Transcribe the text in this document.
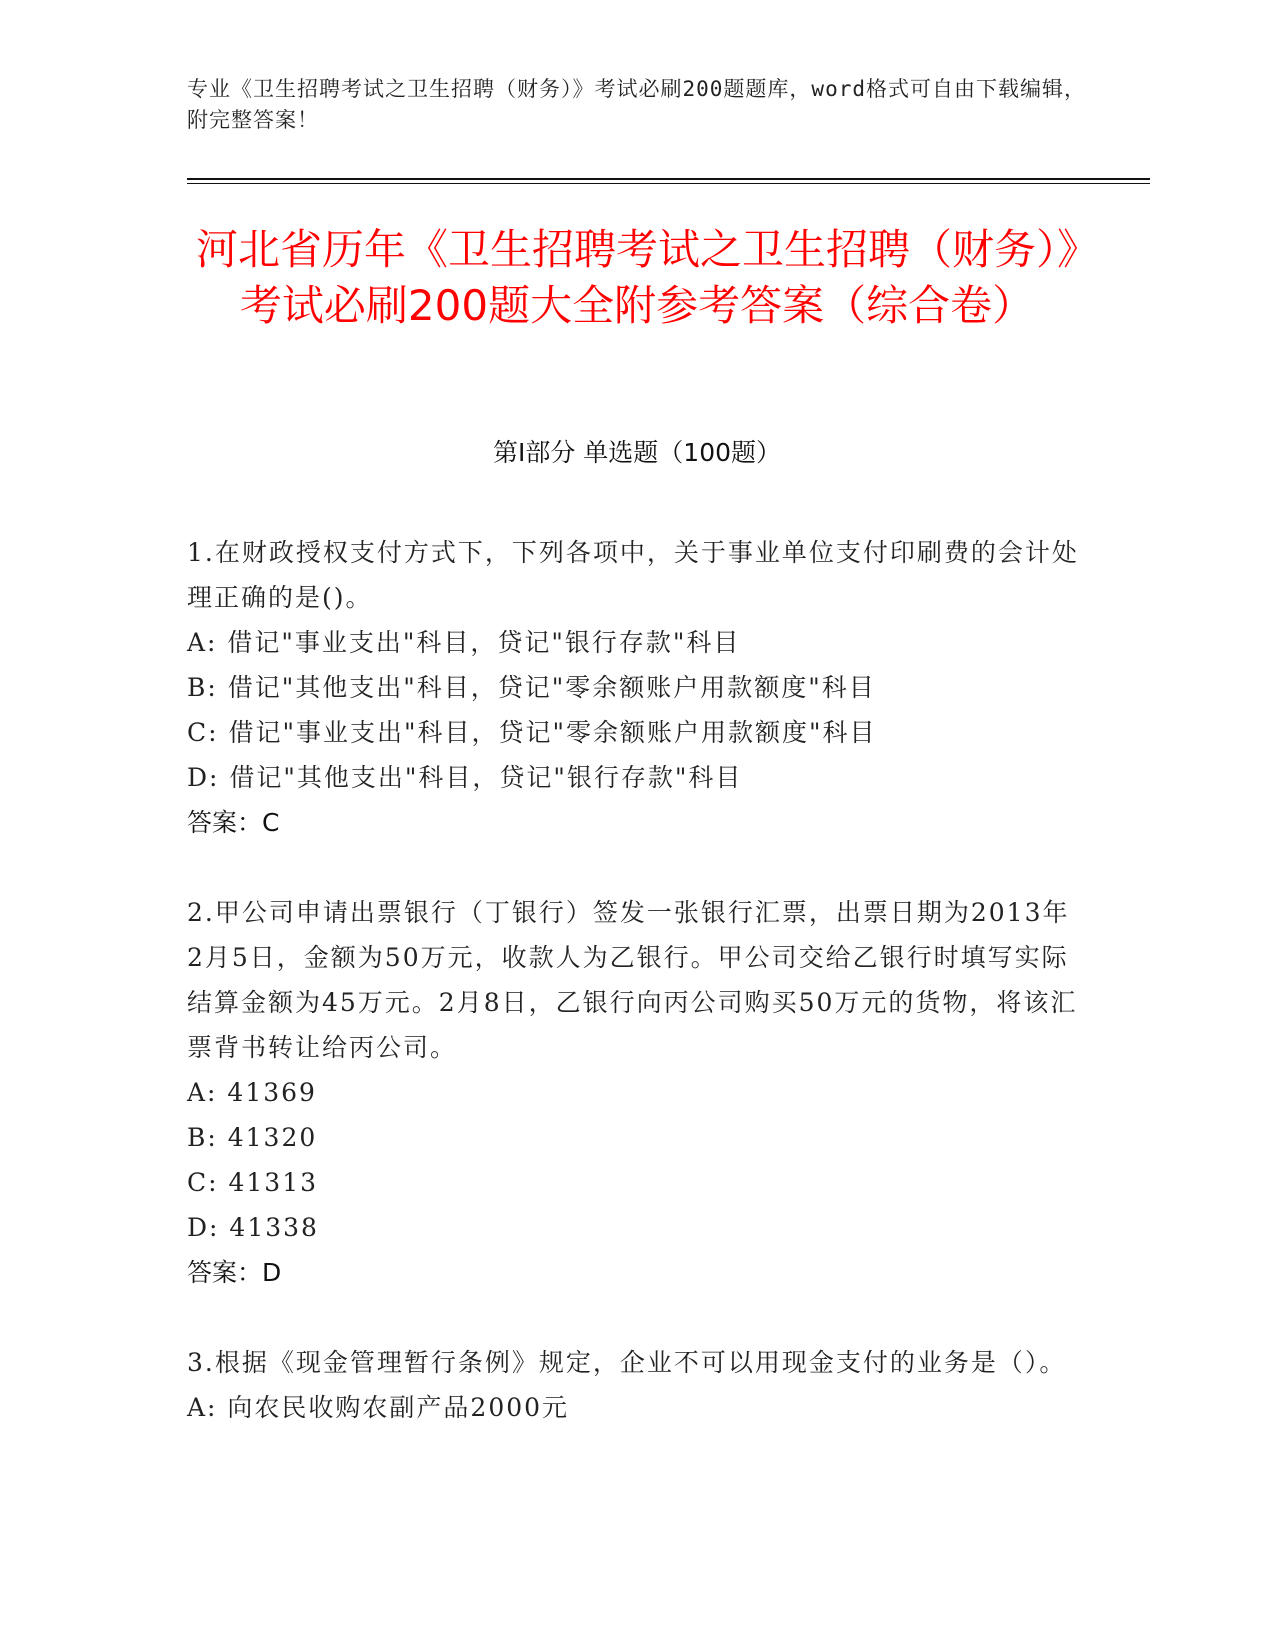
专业《卫生招聘考试之卫生招聘（财务）》考试必刷200题题库，word格式可自由下载编辑，附完整答案！
河北省历年《卫生招聘考试之卫生招聘（财务）》考试必刷200题大全附参考答案（综合卷）
第Ⅰ部分 单选题（100题）
1.在财政授权支付方式下，下列各项中，关于事业单位支付印刷费的会计处理正确的是()。
A: 借记"事业支出"科目，贷记"银行存款"科目
B: 借记"其他支出"科目，贷记"零余额账户用款额度"科目
C: 借记"事业支出"科目，贷记"零余额账户用款额度"科目
D: 借记"其他支出"科目，贷记"银行存款"科目
答案：C
2.甲公司申请出票银行（丁银行）签发一张银行汇票，出票日期为2013年2月5日，金额为50万元，收款人为乙银行。甲公司交给乙银行时填写实际结算金额为45万元。2月8日，乙银行向丙公司购买50万元的货物，将该汇票背书转让给丙公司。
A: 41369
B: 41320
C: 41313
D: 41338
答案：D
3.根据《现金管理暂行条例》规定，企业不可以用现金支付的业务是（）。
A: 向农民收购农副产品2000元
